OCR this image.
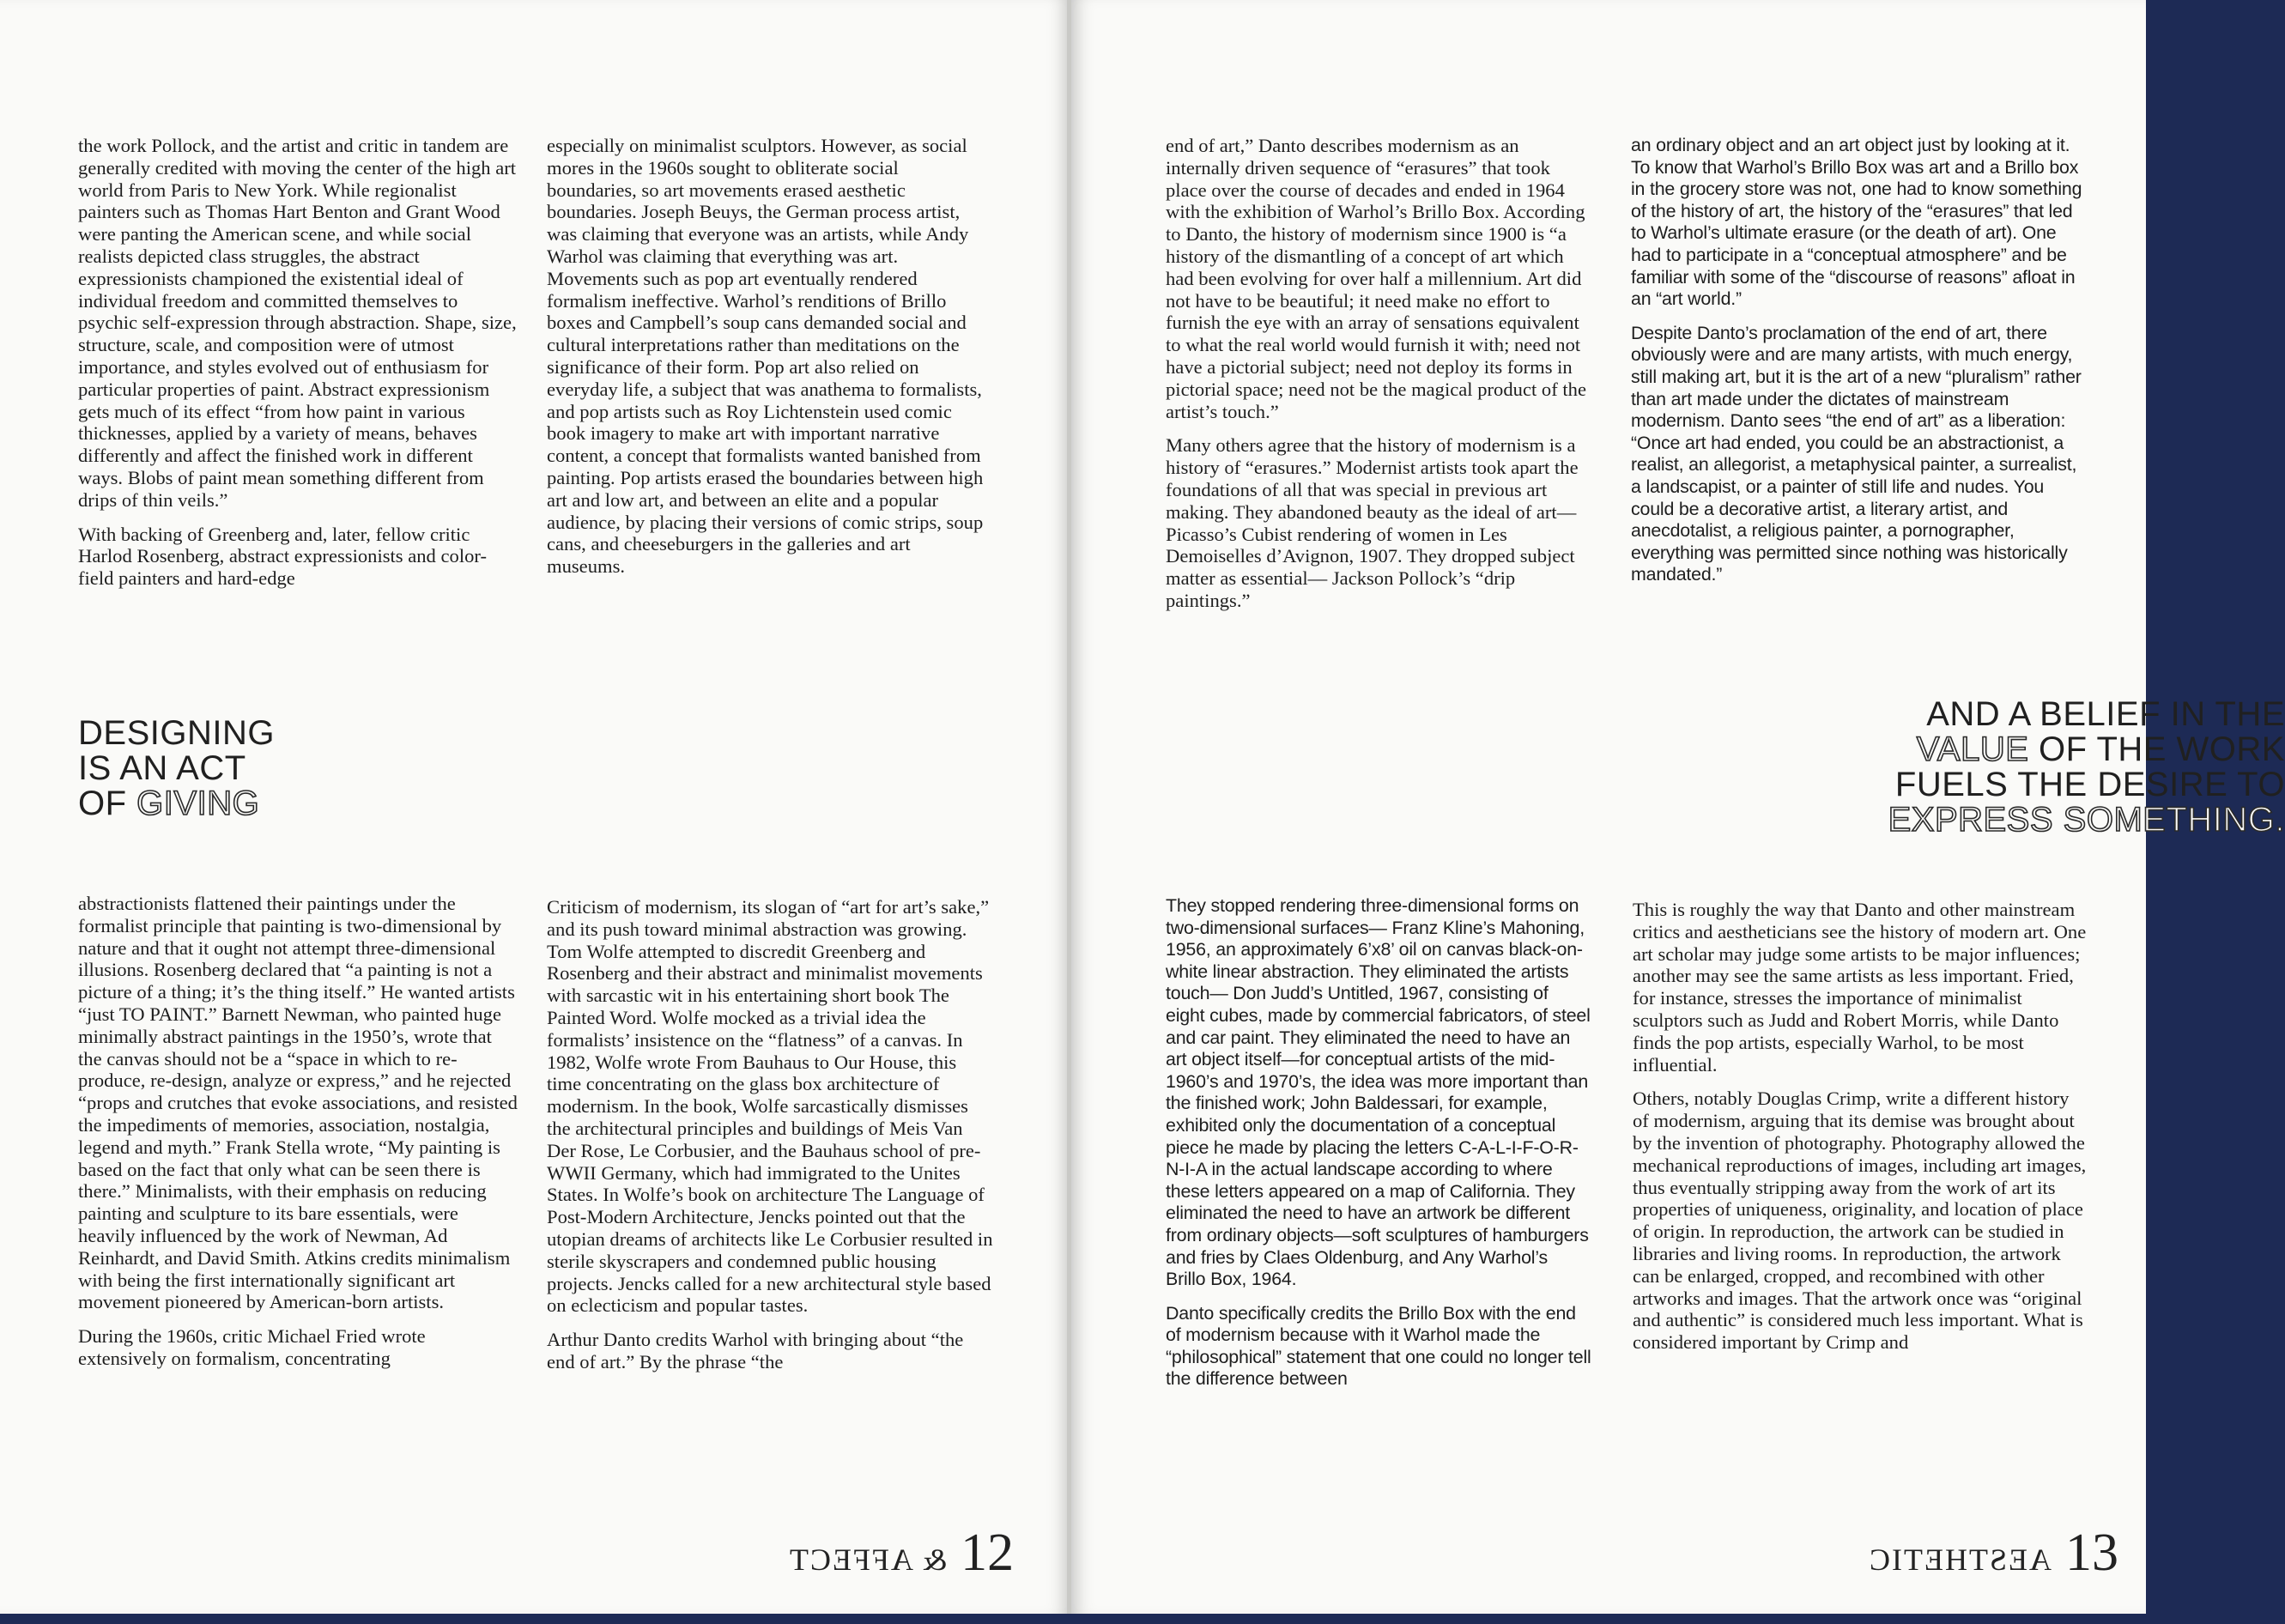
the work Pollock, and the artist and critic in tandem are generally credited with moving the center of the high art world from Paris to New York. While regionalist painters such as Thomas Hart Benton and Grant Wood were panting the American scene, and while social realists depicted class struggles, the abstract expressionists championed the existential ideal of individual freedom and committed themselves to psychic self-expression through abstraction. Shape, size, structure, scale, and composition were of utmost importance, and styles evolved out of enthusiasm for particular properties of paint. Abstract expressionism gets much of its effect “from how paint in various thicknesses, applied by a variety of means, behaves differently and affect the finished work in different ways. Blobs of paint mean something different from drips of thin veils.”

With backing of Greenberg and, later, fellow critic Harlod Rosenberg, abstract expressionists and color-field painters and hard-edge

especially on minimalist sculptors. However, as social mores in the 1960s sought to obliterate social boundaries, so art movements erased aesthetic boundaries. Joseph Beuys, the German process artist, was claiming that everyone was an artists, while Andy Warhol was claiming that everything was art. Movements such as pop art eventually rendered formalism ineffective. Warhol’s renditions of Brillo boxes and Campbell’s soup cans demanded social and cultural interpretations rather than meditations on the significance of their form. Pop art also relied on everyday life, a subject that was anathema to formalists, and pop artists such as Roy Lichtenstein used comic book imagery to make art with important narrative content, a concept that formalists wanted banished from painting. Pop artists erased the boundaries between high art and low art, and between an elite and a popular audience, by placing their versions of comic strips, soup cans, and cheeseburgers in the galleries and art museums.

DESIGNING
IS AN ACT
OF GIVING

abstractionists flattened their paintings under the formalist principle that painting is two-dimensional by nature and that it ought not attempt three-dimensional illusions. Rosenberg declared that “a painting is not a picture of a thing; it’s the thing itself.” He wanted artists “just TO PAINT.” Barnett Newman, who painted huge minimally abstract paintings in the 1950’s, wrote that the canvas should not be a “space in which to re-produce, re-design, analyze or express,” and he rejected “props and crutches that evoke associations, and resisted the impediments of memories, association, nostalgia, legend and myth.” Frank Stella wrote, “My painting is based on the fact that only what can be seen there is there.” Minimalists, with their emphasis on reducing painting and sculpture to its bare essentials, were heavily influenced by the work of Newman, Ad Reinhardt, and David Smith. Atkins credits minimalism with being the first internationally significant art movement pioneered by American-born artists.

During the 1960s, critic Michael Fried wrote extensively on formalism, concentrating

Criticism of modernism, its slogan of “art for art’s sake,” and its push toward minimal abstraction was growing. Tom Wolfe attempted to discredit Greenberg and Rosenberg and their abstract and minimalist movements with sarcastic wit in his entertaining short book The Painted Word. Wolfe mocked as a trivial idea the formalists’ insistence on the “flatness” of a canvas. In 1982, Wolfe wrote From Bauhaus to Our House, this time concentrating on the glass box architecture of modernism. In the book, Wolfe sarcastically dismisses the architectural principles and buildings of Meis Van Der Rose, Le Corbusier, and the Bauhaus school of pre-WWII Germany, which had immigrated to the Unites States. In Wolfe’s book on architecture The Language of Post-Modern Architecture, Jencks pointed out that the utopian dreams of architects like Le Corbusier resulted in sterile skyscrapers and condemned public housing projects. Jencks called for a new architectural style based on eclecticism and popular tastes.

Arthur Danto credits Warhol with bringing about “the end of art.” By the phrase “the

& AFFECT 12

end of art,” Danto describes modernism as an internally driven sequence of “erasures” that took place over the course of decades and ended in 1964 with the exhibition of Warhol’s Brillo Box. According to Danto, the history of modernism since 1900 is “a history of the dismantling of a concept of art which had been evolving for over half a millennium. Art did not have to be beautiful; it need make no effort to furnish the eye with an array of sensations equivalent to what the real world would furnish it with; need not have a pictorial subject; need not deploy its forms in pictorial space; need not be the magical product of the artist’s touch.”

Many others agree that the history of modernism is a history of “erasures.” Modernist artists took apart the foundations of all that was special in previous art making. They abandoned beauty as the ideal of art—Picasso’s Cubist rendering of women in Les Demoiselles d’Avignon, 1907. They dropped subject matter as essential— Jackson Pollock’s “drip paintings.”

an ordinary object and an art object just by looking at it. To know that Warhol’s Brillo Box was art and a Brillo box in the grocery store was not, one had to know something of the history of art, the history of the “erasures” that led to Warhol’s ultimate erasure (or the death of art). One had to participate in a “conceptual atmosphere” and be familiar with some of the “discourse of reasons” afloat in an “art world.”

Despite Danto’s proclamation of the end of art, there obviously were and are many artists, with much energy, still making art, but it is the art of a new “pluralism” rather than art made under the dictates of mainstream modernism. Danto sees “the end of art” as a liberation: “Once art had ended, you could be an abstractionist, a realist, an allegorist, a metaphysical painter, a surrealist, a landscapist, or a painter of still life and nudes. You could be a decorative artist, a literary artist, and anecdotalist, a religious painter, a pornographer, everything was permitted since nothing was historically mandated.”

AND A BELIEF IN THE
VALUE OF THE WORK
FUELS THE DESIRE TO
EXPRESS SOMETHING.

They stopped rendering three-dimensional forms on two-dimensional surfaces— Franz Kline’s Mahoning, 1956, an approximately 6’x8’ oil on canvas black-on-white linear abstraction. They eliminated the artists touch— Don Judd’s Untitled, 1967, consisting of eight cubes, made by commercial fabricators, of steel and car paint. They eliminated the need to have an art object itself—for conceptual artists of the mid-1960’s and 1970’s, the idea was more important than the finished work; John Baldessari, for example, exhibited only the documentation of a conceptual piece he made by placing the letters C-A-L-I-F-O-R-N-I-A in the actual landscape according to where these letters appeared on a map of California. They eliminated the need to have an artwork be different from ordinary objects—soft sculptures of hamburgers and fries by Claes Oldenburg, and Any Warhol’s Brillo Box, 1964.

Danto specifically credits the Brillo Box with the end of modernism because with it Warhol made the “philosophical” statement that one could no longer tell the difference between

This is roughly the way that Danto and other mainstream critics and aestheticians see the history of modern art. One art scholar may judge some artists to be major influences; another may see the same artists as less important. Fried, for instance, stresses the importance of minimalist sculptors such as Judd and Robert Morris, while Danto finds the pop artists, especially Warhol, to be most influential.

Others, notably Douglas Crimp, write a different history of modernism, arguing that its demise was brought about by the invention of photography. Photography allowed the mechanical reproductions of images, including art images, thus eventually stripping away from the work of art its properties of uniqueness, originality, and location of place of origin. In reproduction, the artwork can be studied in libraries and living rooms. In reproduction, the artwork can be enlarged, cropped, and recombined with other artworks and images. That the artwork once was “original and authentic” is considered much less important. What is considered important by Crimp and

AESTHETIC 13
